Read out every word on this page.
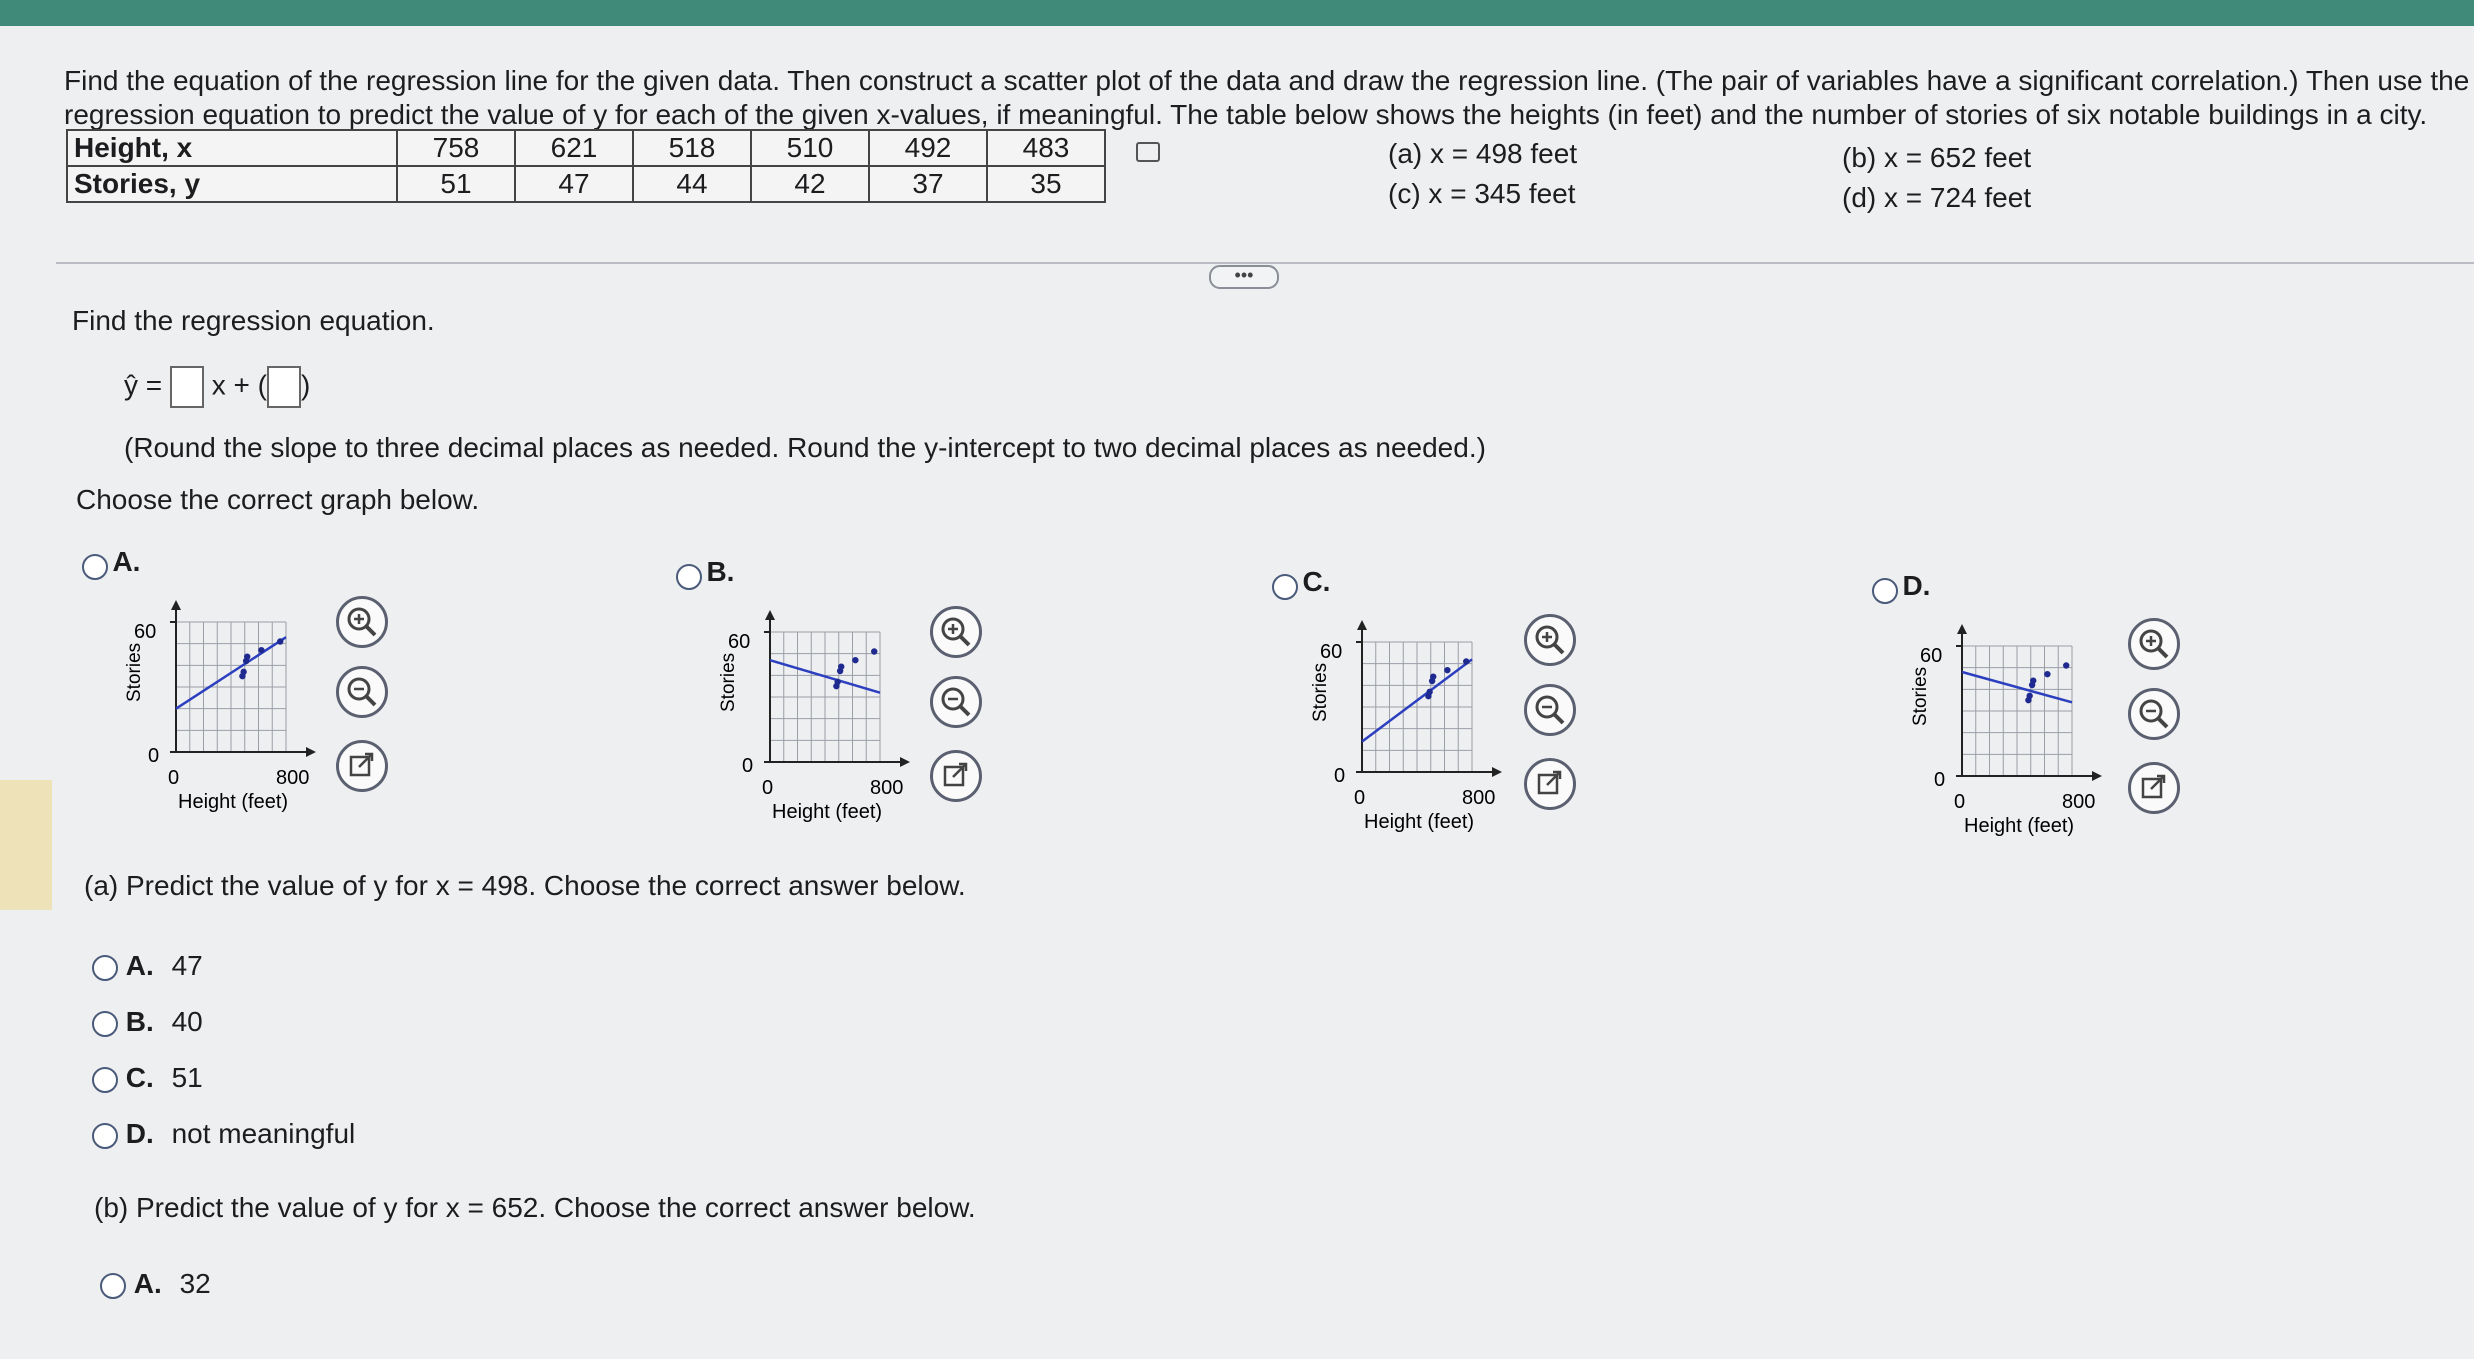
Find the equation of the regression line for the given data. Then construct a scatter plot of the data and draw the regression line. (The pair of variables have a significant correlation.) Then use the
regression equation to predict the value of y for each of the given x-values, if meaningful. The table below shows the heights (in feet) and the number of stories of six notable buildings in a city.
Height, x	758	621	518	510	492	483
Stories, y	51	47	44	42	37	35
(a) x = 498 feet
(c) x = 345 feet
(b) x = 652 feet
(d) x = 724 feet
•••
Find the regression equation.
ŷ = x + ( )
(Round the slope to three decimal places as needed. Round the y-intercept to two decimal places as needed.)
Choose the correct graph below.
A.	B.	C.	D.
Stories
60
0
0	800
Height (feet)
Stories
60
0
0	800
Height (feet)
Stories
60
0
0	800
Height (feet)
Stories
60
0
0	800
Height (feet)
(a) Predict the value of y for x = 498. Choose the correct answer below.
A. 47
B. 40
C. 51
D. not meaningful
(b) Predict the value of y for x = 652. Choose the correct answer below.
A. 32
